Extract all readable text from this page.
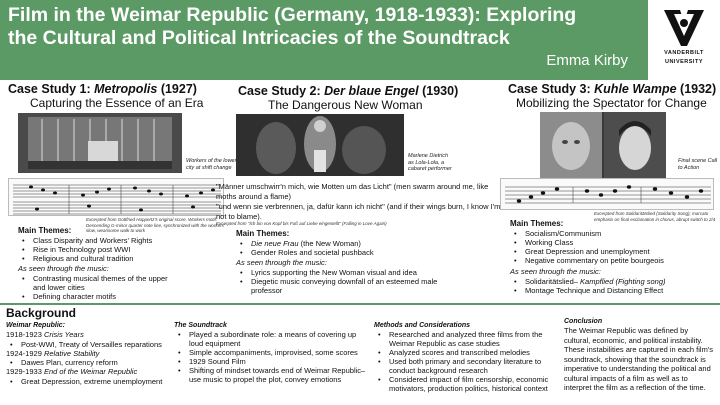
Film in the Weimar Republic (Germany, 1918-1933): Exploring
the Cultural and Political Intricacies of the Soundtrack
Emma Kirby	VANDERBILT
UNIVERSITY
Case Study 1: Metropolis (1927)
Capturing the Essence of an Era
Workers of the lower city at shift change
Excerpted from Gottfried Huppertz's original score. Workers motif: Descending G-minor quarter note line, synchronized with the workers' slow, wearisome walk to work
Main Themes:
• Class Disparity and Workers' Rights
• Rise in Technology post WWI
• Religious and cultural tradition
As seen through the music:
• Contrasting musical themes of the upper and lower cities
• Defining character motifs
Case Study 2: Der blaue Engel (1930)
The Dangerous New Woman
Marlene Dietrich as Lola-Lola, a cabaret performer
"Männer umschwirr'n mich, wie Motten um das Licht" (men swarm around me, like moths around a flame)
"und wenn sie verbrennen, ja, dafür kann ich nicht" (and if their wings burn, I know I'm not to blame).
Excerpted from "Ich bin von Kopf bis Fuß auf Liebe eingestellt" (Falling in Love Again)
Main Themes:
• Die neue Frau (the New Woman)
• Gender Roles and societal pushback
As seen through the music:
• Lyrics supporting the New Woman visual and idea
• Diegetic music conveying downfall of an esteemed male professor
Case Study 3: Kuhle Wampe (1932)
Mobilizing the Spectator for Change
Final scene Call to Action
Excerpted from Solidaritätslied (Solidarity Song); marcato emphasis on final exclamation in chorus, abrupt switch to 2/4
Main Themes:
• Socialism/Communism
• Working Class
• Great Depression and unemployment
• Negative commentary on petite bourgeois
As seen through the music:
• Solidaritätslied– Kampflied (Fighting song)
• Montage Technique and Distancing Effect
Background
Weimar Republic:
1918-1923 Crisis Years
• Post-WWI, Treaty of Versailles reparations
1924-1929 Relative Stability
• Dawes Plan, currency reform
1929-1933 End of the Weimar Republic
• Great Depression, extreme unemployment
The Soundtrack
• Played a subordinate role: a means of covering up loud equipment
• Simple accompaniments, improvised, some scores
• 1929 Sound Film
• Shifting of mindset towards end of Weimar Republic– use music to propel the plot, convey emotions
Methods and Considerations
• Researched and analyzed three films from the Weimar Republic as case studies
• Analyzed scores and transcribed melodies
• Used both primary and secondary literature to conduct background research
• Considered impact of film censorship, economic motivators, production politics, historical context
Conclusion
The Weimar Republic was defined by cultural, economic, and political instability. These instabilities are captured in each film's soundtrack, showing that the soundtrack is imperative to understanding the political and cultural impacts of a film as well as to interpret the film as a reflection of the time.
